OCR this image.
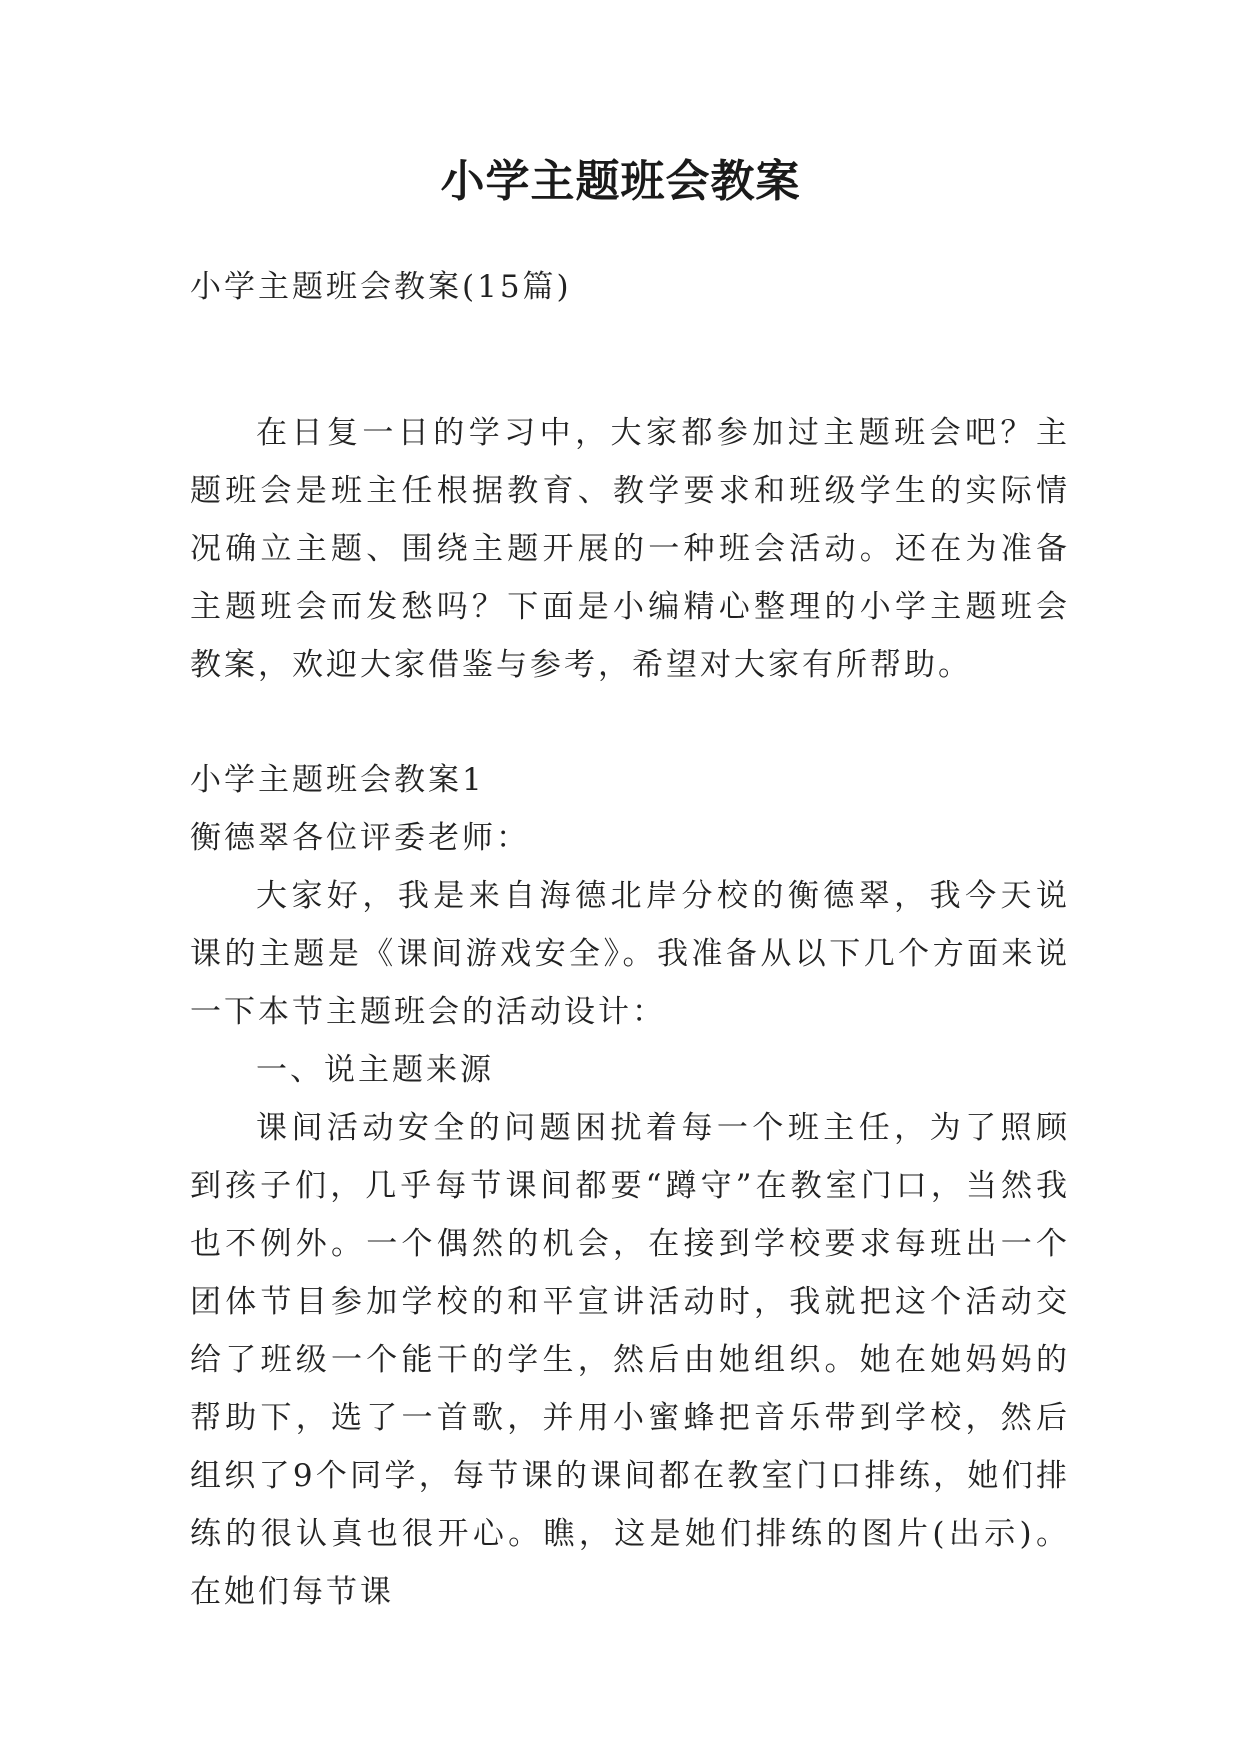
小学主题班会教案

小学主题班会教案(15篇)

在日复一日的学习中，大家都参加过主题班会吧？主题班会是班主任根据教育、教学要求和班级学生的实际情况确立主题、围绕主题开展的一种班会活动。还在为准备主题班会而发愁吗？下面是小编精心整理的小学主题班会教案，欢迎大家借鉴与参考，希望对大家有所帮助。

小学主题班会教案1

衡德翠各位评委老师：

大家好，我是来自海德北岸分校的衡德翠，我今天说课的主题是《课间游戏安全》。我准备从以下几个方面来说一下本节主题班会的活动设计：

一、说主题来源

课间活动安全的问题困扰着每一个班主任，为了照顾到孩子们，几乎每节课间都要“蹲守”在教室门口，当然我也不例外。一个偶然的机会，在接到学校要求每班出一个团体节目参加学校的和平宣讲活动时，我就把这个活动交给了班级一个能干的学生，然后由她组织。她在她妈妈的帮助下，选了一首歌，并用小蜜蜂把音乐带到学校，然后组织了9个同学，每节课的课间都在教室门口排练，她们排练的很认真也很开心。瞧，这是她们排练的图片(出示)。在她们每节课
